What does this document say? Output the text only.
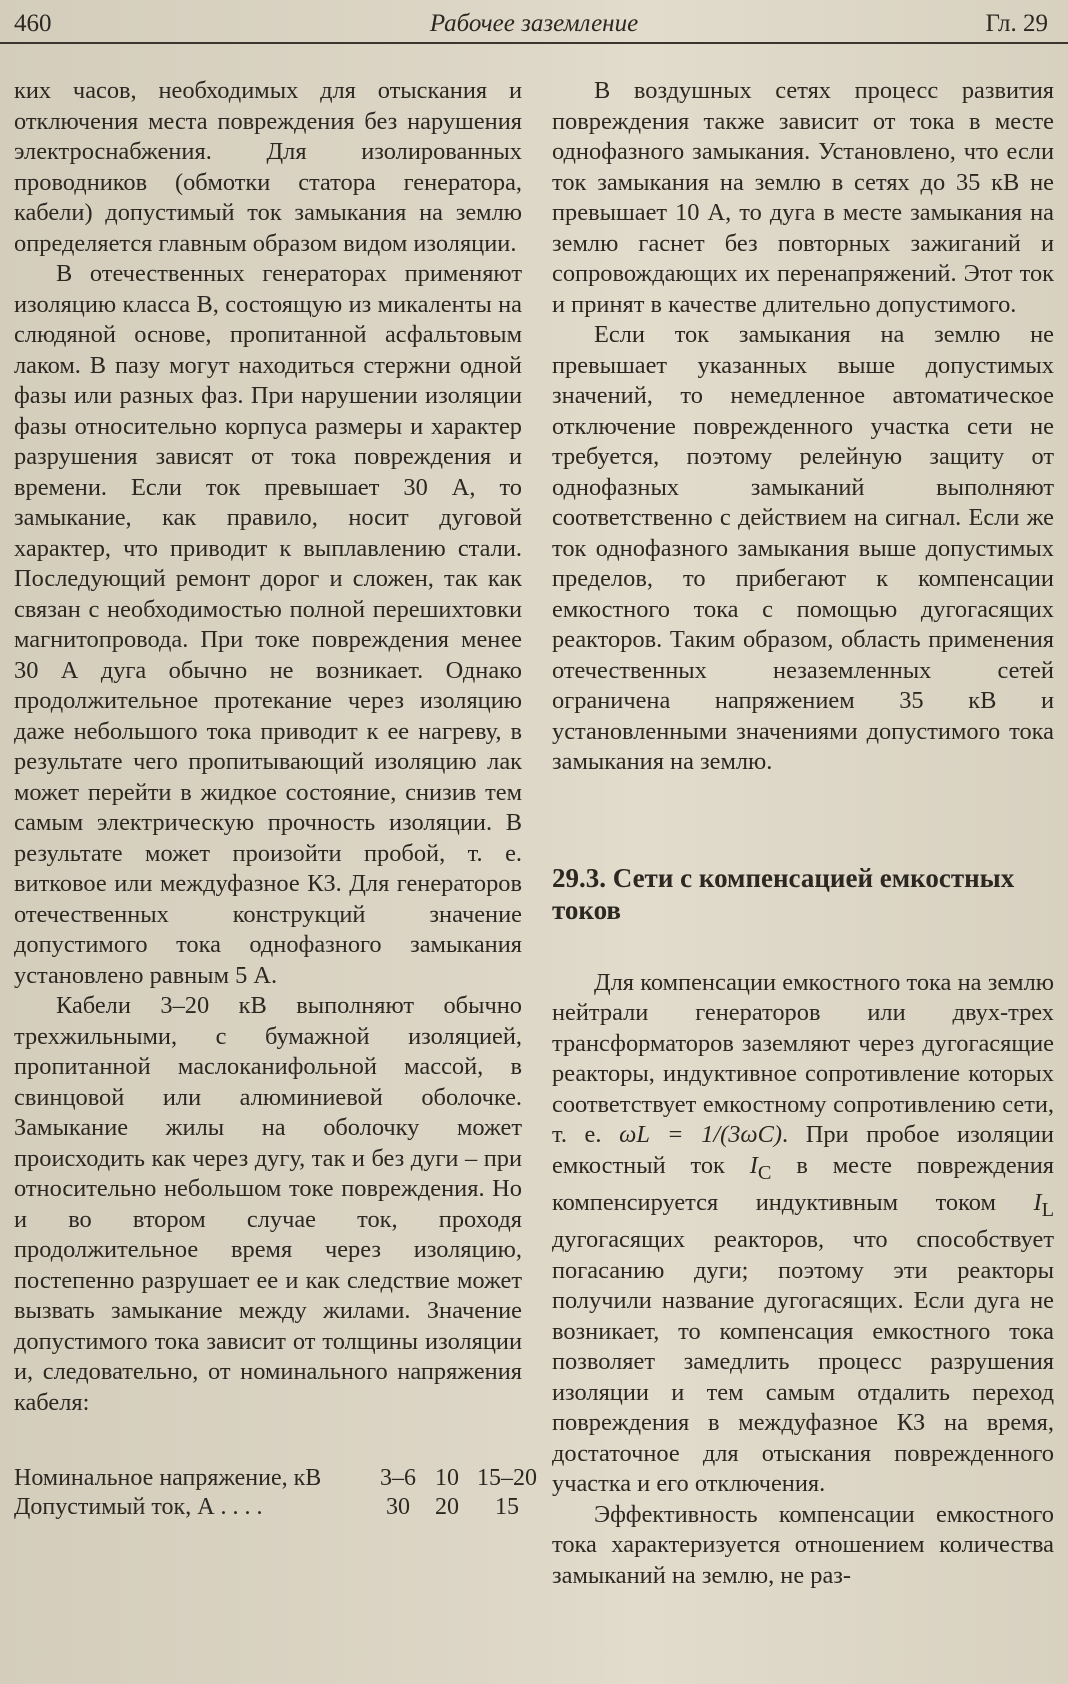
460	Рабочее заземление	Гл. 29

ких часов, необходимых для отыскания и отключения места повреждения без нарушения электроснабжения. Для изолированных проводников (обмотки статора генератора, кабели) допустимый ток замыкания на землю определяется главным образом видом изоляции.

В отечественных генераторах применяют изоляцию класса В, состоящую из микаленты на слюдяной основе, пропитанной асфальтовым лаком. В пазу могут находиться стержни одной фазы или разных фаз. При нарушении изоляции фазы относительно корпуса размеры и характер разрушения зависят от тока повреждения и времени. Если ток превышает 30 А, то замыкание, как правило, носит дуговой характер, что приводит к выплавлению стали. Последующий ремонт дорог и сложен, так как связан с необходимостью полной перешихтовки магнитопровода. При токе повреждения менее 30 А дуга обычно не возникает. Однако продолжительное протекание через изоляцию даже небольшого тока приводит к ее нагреву, в результате чего пропитывающий изоляцию лак может перейти в жидкое состояние, снизив тем самым электрическую прочность изоляции. В результате может произойти пробой, т. е. витковое или междуфазное КЗ. Для генераторов отечественных конструкций значение допустимого тока однофазного замыкания установлено равным 5 А.

Кабели 3–20 кВ выполняют обычно трехжильными, с бумажной изоляцией, пропитанной маслоканифольной массой, в свинцовой или алюминиевой оболочке. Замыкание жилы на оболочку может происходить как через дугу, так и без дуги – при относительно небольшом токе повреждения. Но и во втором случае ток, проходя продолжительное время через изоляцию, постепенно разрушает ее и как следствие может вызвать замыкание между жилами. Значение допустимого тока зависит от толщины изоляции и, следовательно, от номинального напряжения кабеля:

Номинальное напряжение, кВ	3–6 10 15–20
Допустимый ток, А . . . .	30	20	15

В воздушных сетях процесс развития повреждения также зависит от тока в месте однофазного замыкания. Установлено, что если ток замыкания на землю в сетях до 35 кВ не превышает 10 А, то дуга в месте замыкания на землю гаснет без повторных зажиганий и сопровождающих их перенапряжений. Этот ток и принят в качестве длительно допустимого.

Если ток замыкания на землю не превышает указанных выше допустимых значений, то немедленное автоматическое отключение поврежденного участка сети не требуется, поэтому релейную защиту от однофазных замыканий выполняют соответственно с действием на сигнал. Если же ток однофазного замыкания выше допустимых пределов, то прибегают к компенсации емкостного тока с помощью дугогасящих реакторов. Таким образом, область применения отечественных незаземленных сетей ограничена напряжением 35 кВ и установленными значениями допустимого тока замыкания на землю.

29.3. Сети с компенсацией емкостных токов

Для компенсации емкостного тока на землю нейтрали генераторов или двух-трех трансформаторов заземляют через дугогасящие реакторы, индуктивное сопротивление которых соответствует емкостному сопротивлению сети, т. е. ωL = 1/(3ωC). При пробое изоляции емкостный ток $I_C$ в месте повреждения компенсируется индуктивным током $I_L$ дугогасящих реакторов, что способствует погасанию дуги; поэтому эти реакторы получили название дугогасящих. Если дуга не возникает, то компенсация емкостного тока позволяет замедлить процесс разрушения изоляции и тем самым отдалить переход повреждения в междуфазное КЗ на время, достаточное для отыскания поврежденного участка и его отключения.

Эффективность компенсации емкостного тока характеризуется отношением количества замыканий на землю, не раз-
